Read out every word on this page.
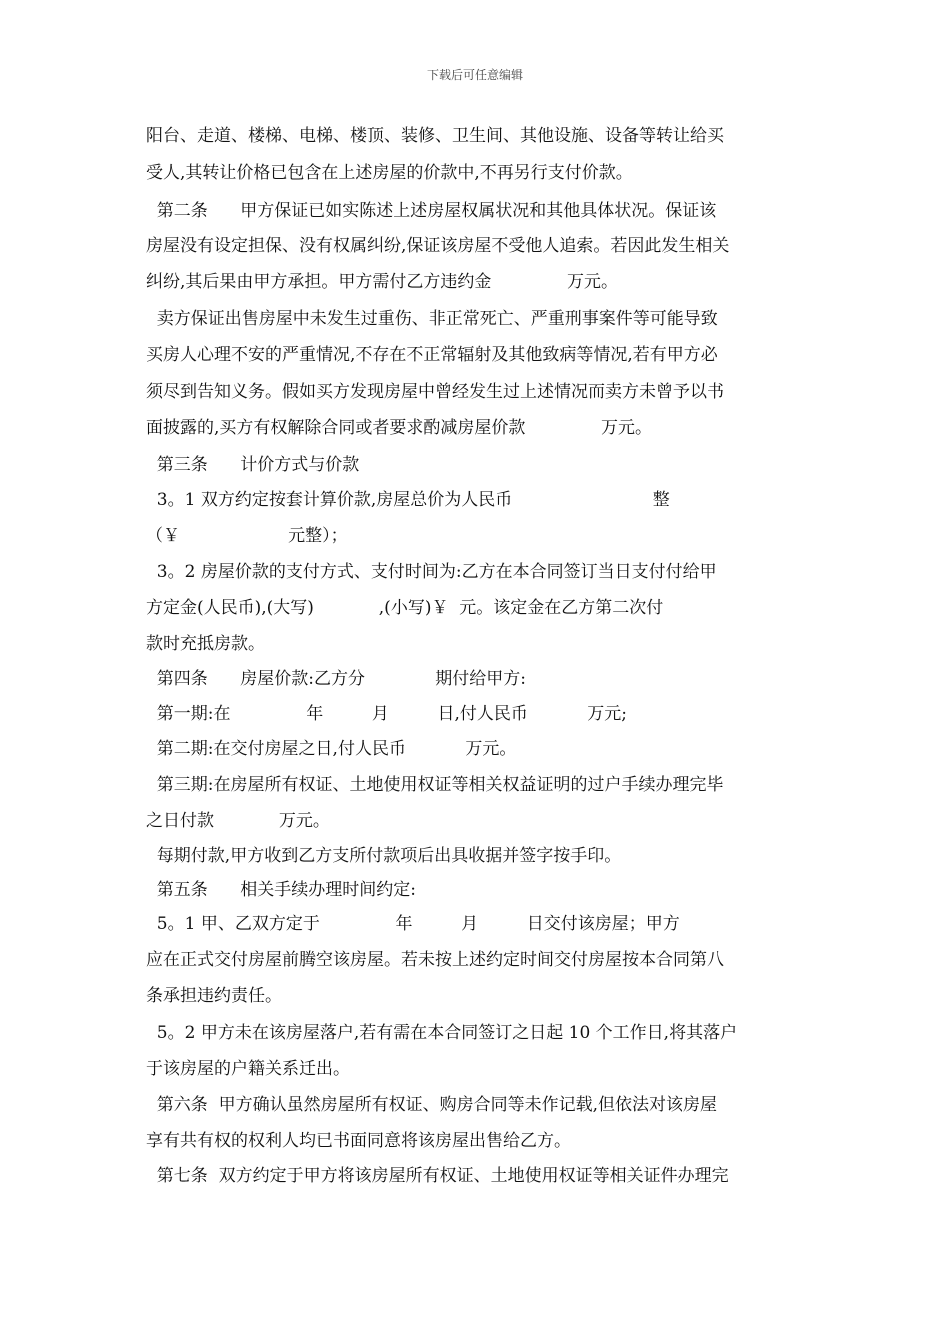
下载后可任意编辑
阳台、走道、楼梯、电梯、楼顶、装修、卫生间、其他设施、设备等转让给买
受人,其转让价格已包含在上述房屋的价款中,不再另行支付价款。
第二条      甲方保证已如实陈述上述房屋权属状况和其他具体状况。保证该
房屋没有设定担保、没有权属纠纷,保证该房屋不受他人追索。若因此发生相关
纠纷,其后果由甲方承担。甲方需付乙方违约金              万元。
卖方保证出售房屋中未发生过重伤、非正常死亡、严重刑事案件等可能导致
买房人心理不安的严重情况,不存在不正常辐射及其他致病等情况,若有甲方必
须尽到告知义务。假如买方发现房屋中曾经发生过上述情况而卖方未曾予以书
面披露的,买方有权解除合同或者要求酌减房屋价款              万元。
第三条      计价方式与价款
3。1 双方约定按套计算价款,房屋总价为人民币                          整
（￥                    元整）；
3。2 房屋价款的支付方式、支付时间为:乙方在本合同签订当日支付付给甲
方定金(人民币),(大写)            ,(小写)￥  元。该定金在乙方第二次付
款时充抵房款。
第四条      房屋价款:乙方分             期付给甲方:
第一期:在              年         月         日,付人民币           万元;
第二期:在交付房屋之日,付人民币           万元。
第三期:在房屋所有权证、土地使用权证等相关权益证明的过户手续办理完毕
之日付款            万元。
每期付款,甲方收到乙方支所付款项后出具收据并签字按手印。
第五条      相关手续办理时间约定:
5。1 甲、乙双方定于              年         月         日交付该房屋；甲方
应在正式交付房屋前腾空该房屋。若未按上述约定时间交付房屋按本合同第八
条承担违约责任。
5。2 甲方未在该房屋落户,若有需在本合同签订之日起 10 个工作日,将其落户
于该房屋的户籍关系迁出。
第六条  甲方确认虽然房屋所有权证、购房合同等未作记载,但依法对该房屋
享有共有权的权利人均已书面同意将该房屋出售给乙方。
第七条  双方约定于甲方将该房屋所有权证、土地使用权证等相关证件办理完
